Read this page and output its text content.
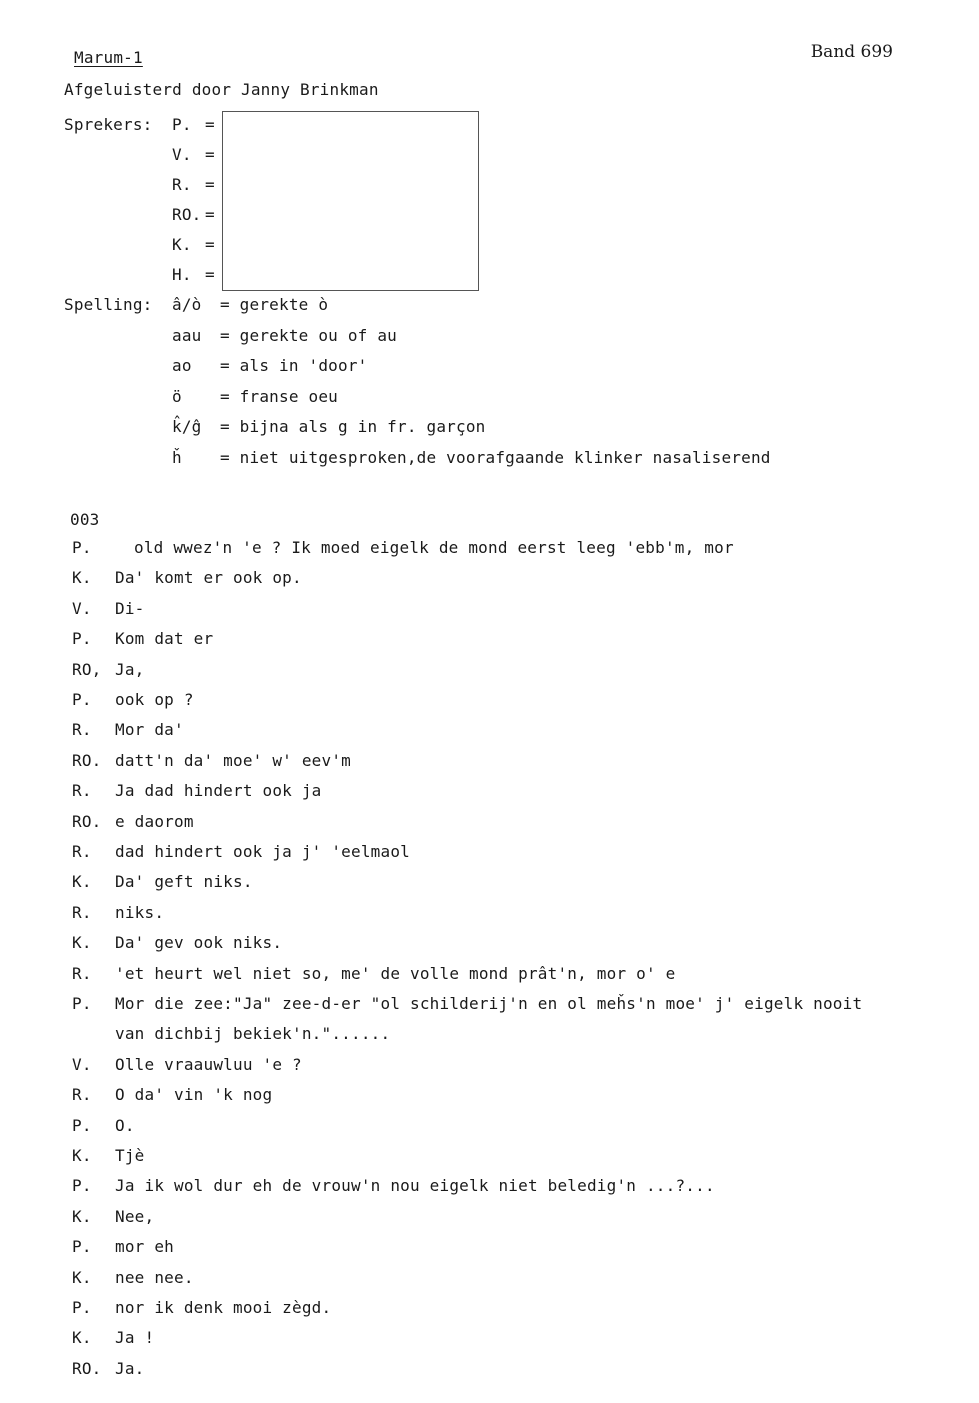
Marum-1	Band 699
Afgeluisterd door Janny Brinkman
Sprekers: P. =
V. =
R. =
RO. =
K. =
H. =
Spelling: â/ò = gerekte ò
aau = gerekte ou of au
ao = als in 'door'
ö = franse oeu
k̂/ĝ = bijna als g in fr. garçon
ȟ = niet uitgesproken,de voorafgaande klinker nasaliserend
003
P.	old wwez'n 'e ? Ik moed eigelk de mond eerst leeg 'ebb'm, mor
K.	Da' komt er ook op.
V.	Di-
P.	Kom dat er
RO, Ja,
P.	ook op ?
R.	Mor da'
RO. datt'n da' moe' w' eev'm
R.	Ja dad hindert ook ja
RO. e daorom
R.	dad hindert ook ja j' 'eelmaol
K.	Da' geft niks.
R.	niks.
K.	Da' gev ook niks.
R.	'et heurt wel niet so, me' de volle mond prât'n, mor o' e
P.	Mor die zee:"Ja" zee-d-er "ol schilderij'n en ol meȟs'n moe' j' eigelk nooit
van dichbij bekiek'n."......
V.	Olle vraauwluu 'e ?
R.	O da' vin 'k nog
P.	O.
K.	Tjè
P.	Ja ik wol dur eh de vrouw'n nou eigelk niet beledig'n ...?...
K.	Nee,
P.	mor eh
K.	nee nee.
P.	nor ik denk mooi zègd.
K.	Ja !
RO. Ja.
